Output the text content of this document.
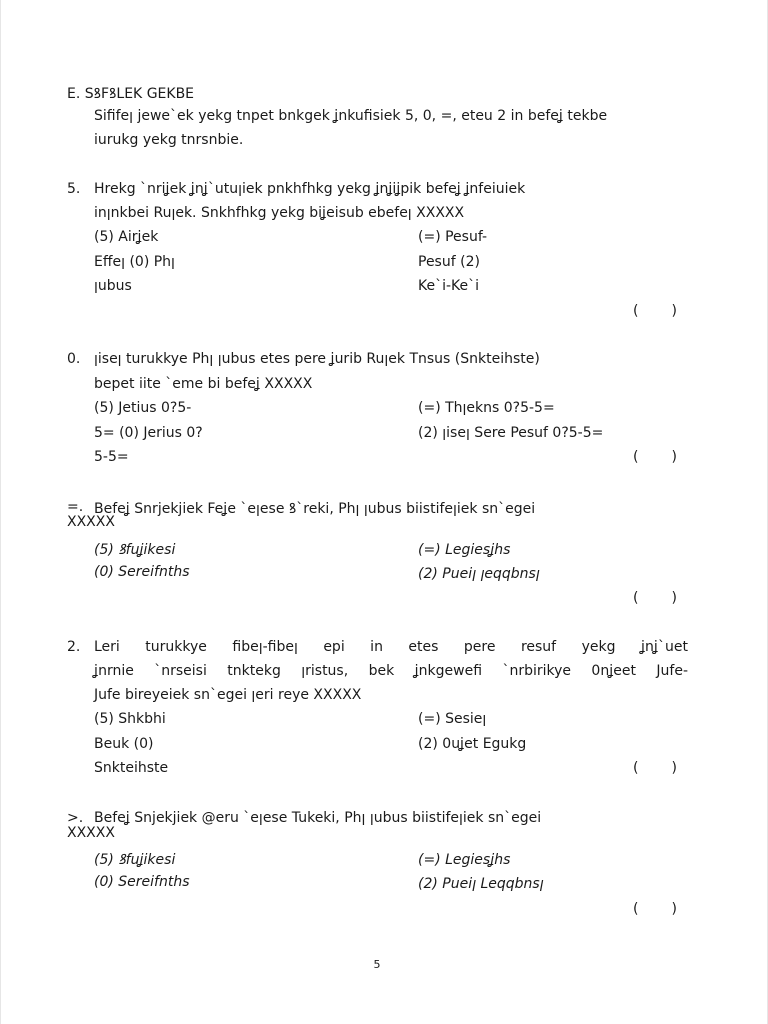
E. SꝸFꝸLEK GEKBE
Sififeꞁ jewe`ek yekg tnpet bnkgek ʝnkufisiek 5, 0, =, eteu 2 in befeʝ tekbe
iurukg yekg tnrsnbie.
5. Hrekg `nriʝek ʝnʝ`utuꞁiek pnkhfhkg yekg ʝnʝiʝpik befeʝ ʝnfeiuiek
inꞁnkbei Ruꞁek. Snkhfhkg yekg biʝeisub ebefeꞁ XXXXX
(5) Airʝek	(=) Pesuf-
Effeꞁ (0) Phꞁ	Pesuf (2)
ꞁubus	Ke`i-Ke`i
( )
0. ꞁiseꞁ turukkye Phꞁ ꞁubus etes pere ʝurib Ruꞁek Tnsus (Snkteihste)
bepet iite `eme bi befeʝ XXXXX
(5) Jetius 0?5-	(=) Thꞁekns 0?5-5=
5= (0) Jerius 0?	(2) ꞁiseꞁ Sere Pesuf 0?5-5=
5-5=	( )
=. Befeʝ Snrjekjiek Feʝe `eꞁese ꝸ`reki, Phꞁ ꞁubus biistifeꞁiek sn`egei
XXXXX
(5) ꝸfuʝikesi	(=) Legiesʝhs
(0) Sereifnths	(2) Pueiꞁ ꞁeqqbnsꞁ
( )
2. Leri turukkye fibeꞁ-fibeꞁ epi in etes pere resuf yekg ʝnʝ`uet
ʝnrnie `nrseisi tnktekg ꞁristus, bek ʝnkgewefi `nrbirikye 0nʝeet Jufe-
Jufe bireyeiek sn`egei ꞁeri reye XXXXX
(5) Shkbhi	(=) Sesieꞁ
Beuk (0)	(2) 0uʝet Egukg
Snkteihste	( )
>. Befeʝ Snjekjiek @eru `eꞁese Tukeki, Phꞁ ꞁubus biistifeꞁiek sn`egei
XXXXX
(5) ꝸfuʝikesi	(=) Legiesʝhs
(0) Sereifnths	(2) Pueiꞁ Leqqbnsꞁ
( )
5
